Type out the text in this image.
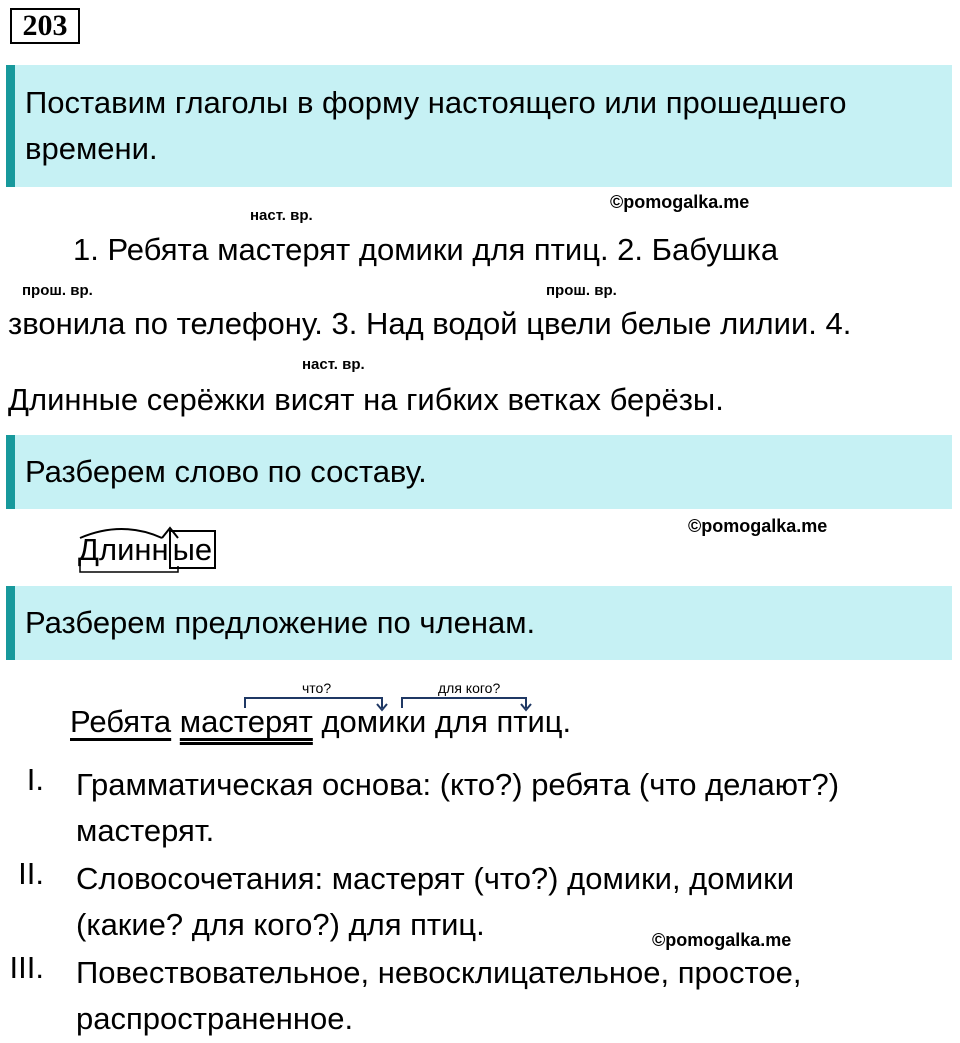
203
Поставим глаголы в форму настоящего или прошедшего
времени.
©pomogalka.me
наст. вр.
1. Ребята мастерят домики для птиц. 2. Бабушка
прош. вр.	прош. вр.
звонила по телефону. 3. Над водой цвели белые лилии. 4.
наст. вр.
Длинные серёжки висят на гибких ветках берёзы.
Разберем слово по составу.
©pomogalka.me
Длинн ые
Разберем предложение по членам.
что?	для кого?
Ребята мастерят домики для птиц.
I. Грамматическая основа: (кто?) ребята (что делают?)
мастерят.
II. Словосочетания: мастерят (что?) домики, домики
(какие? для кого?) для птиц.	©pomogalka.me
III. Повествовательное, невосклицательное, простое,
распространенное.
